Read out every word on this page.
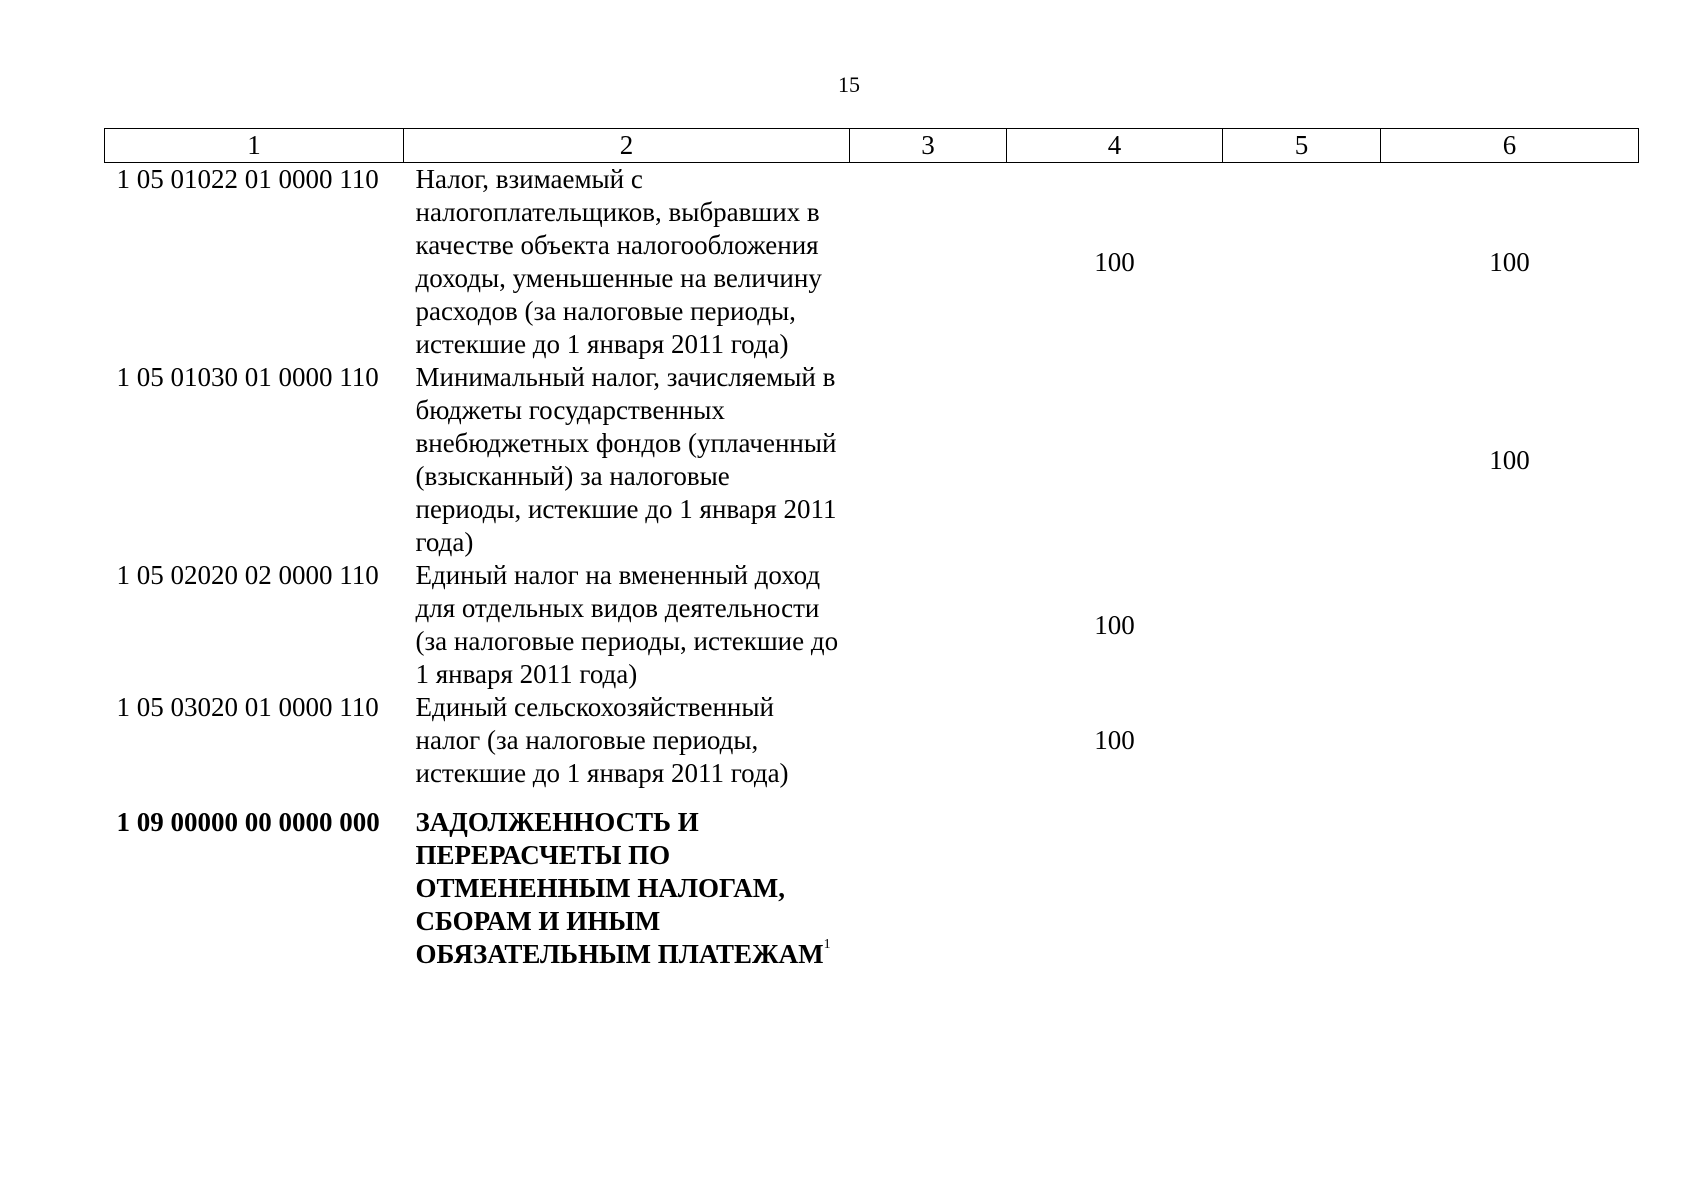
15
1	2	3	4	5	6
1 05 01022 01 0000 110	Налог, взимаемый с налогоплательщиков, выбравших в качестве объекта налогообложения доходы, уменьшенные на величину расходов (за налоговые периоды, истекшие до 1 января 2011 года)		100		100
1 05 01030 01 0000 110	Минимальный налог, зачисляемый в бюджеты государственных внебюджетных фондов (уплаченный (взысканный) за налоговые периоды, истекшие до 1 января 2011 года)				100
1 05 02020 02 0000 110	Единый налог на вмененный доход для отдельных видов деятельности (за налоговые периоды, истекшие до 1 января 2011 года)		100		
1 05 03020 01 0000 110	Единый сельскохозяйственный налог (за налоговые периоды, истекшие до 1 января 2011 года)		100		
1 09 00000 00 0000 000	ЗАДОЛЖЕННОСТЬ И ПЕРЕРАСЧЕТЫ ПО ОТМЕНЕННЫМ НАЛОГАМ, СБОРАМ И ИНЫМ ОБЯЗАТЕЛЬНЫМ ПЛАТЕЖАМ$^1$				
